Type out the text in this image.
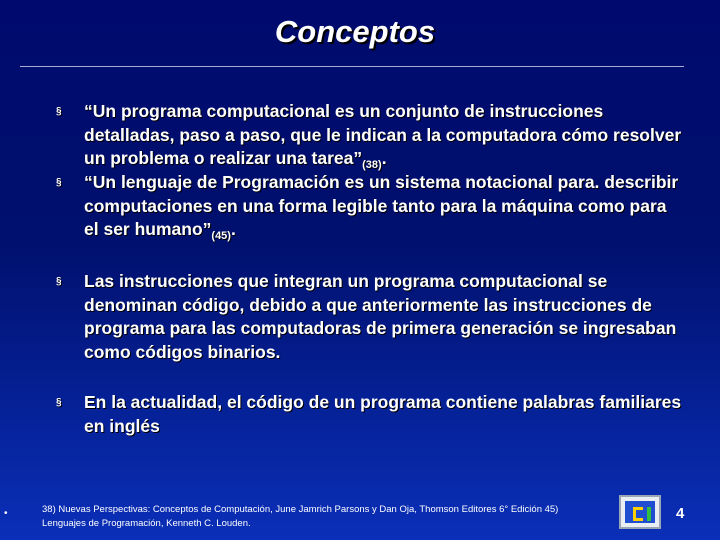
Conceptos
§ “Un programa computacional es un conjunto de instrucciones detalladas, paso a paso, que le indican a la computadora cómo resolver un problema o realizar una $tarea”_{(38)}$.
§ “Un lenguaje de Programación es un sistema notacional para. describir computaciones en una forma legible tanto para la máquina como para el ser $humano”_{(45)}$.
§ Las instrucciones que integran un programa computacional se denominan código, debido a que anteriormente las instrucciones de programa para las computadoras de primera generación se ingresaban como códigos binarios.
§ En la actualidad, el código de un programa contiene palabras familiares en inglés
•	38) Nuevas Perspectivas: Conceptos de Computación, June Jamrich Parsons y Dan Oja, Thomson Editores 6° Edición 45)
Lenguajes de Programación, Kenneth C. Louden.
4
